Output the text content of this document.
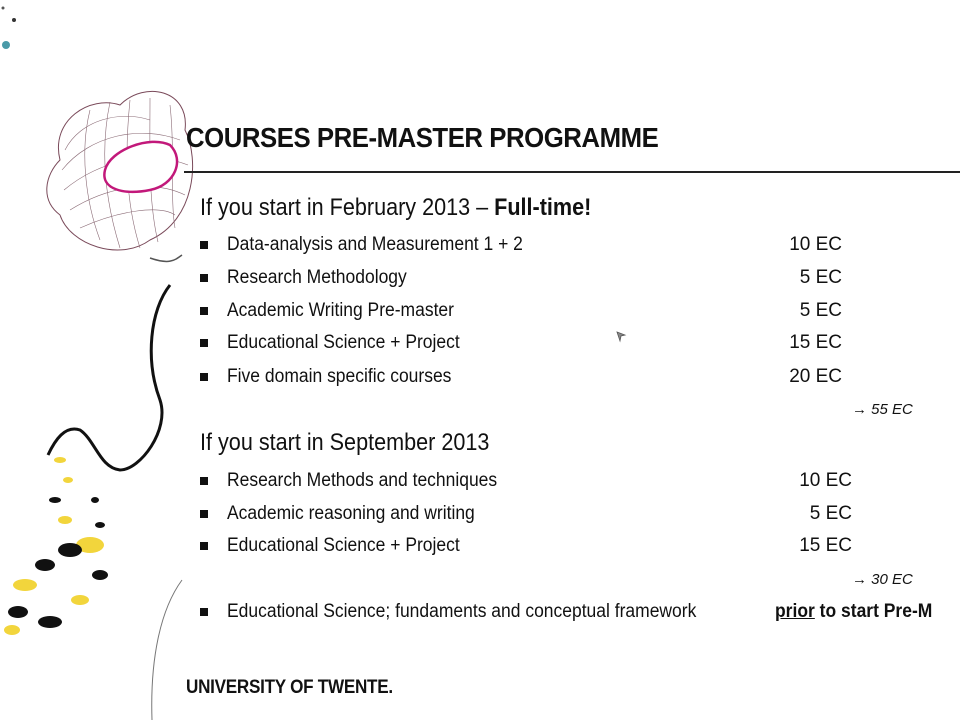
COURSES PRE-MASTER PROGRAMME
If you start in February 2013 – Full-time!
Data-analysis and Measurement 1 + 2	10 EC
Research Methodology	5 EC
Academic Writing Pre-master	5 EC
Educational Science + Project	15 EC
Five domain specific courses	20 EC
→ 55 EC
If you start in September 2013
Research Methods and techniques	10 EC
Academic reasoning and writing	5 EC
Educational Science + Project	15 EC
→ 30 EC
Educational Science; fundaments and conceptual framework	prior to start Pre-M
UNIVERSITY OF TWENTE.
